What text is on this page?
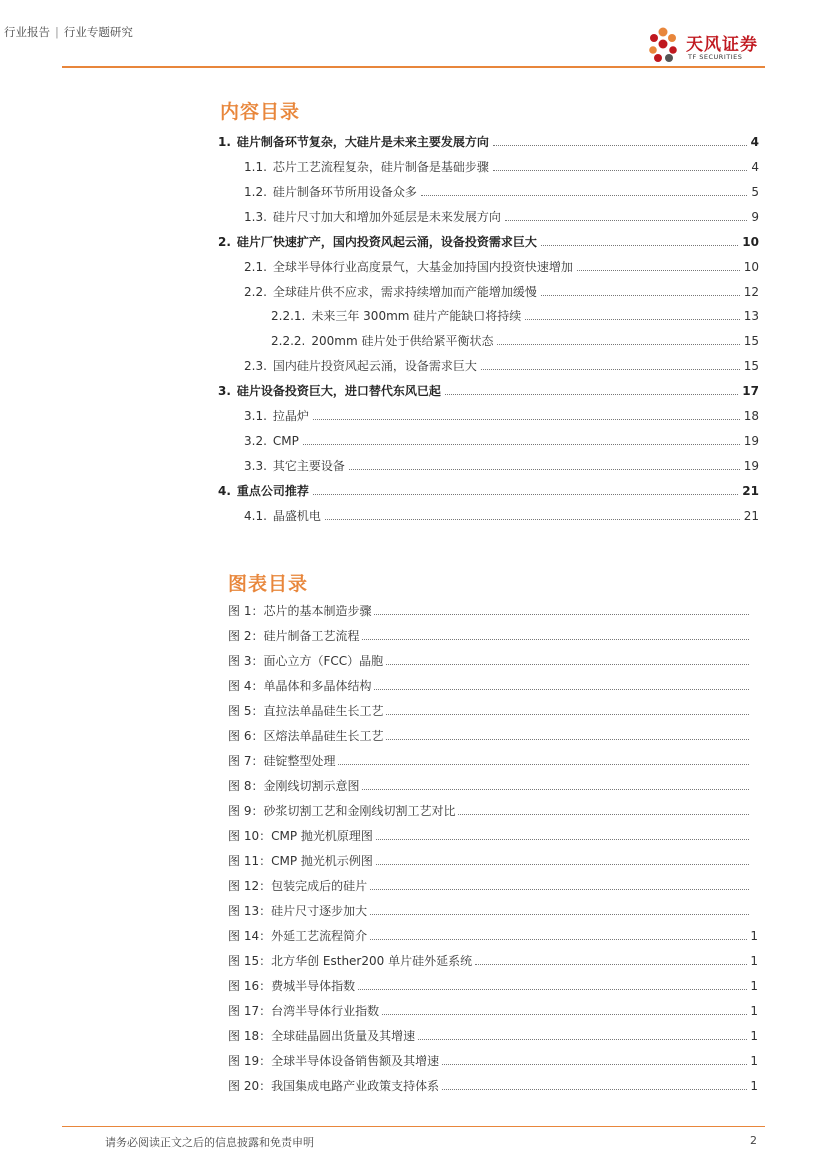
行业报告 | 行业专题研究
天风证券
TF SECURITIES
内容目录
1. 硅片制备环节复杂，大硅片是未来主要发展方向	4
1.1. 芯片工艺流程复杂，硅片制备是基础步骤	4
1.2. 硅片制备环节所用设备众多	5
1.3. 硅片尺寸加大和增加外延层是未来发展方向	9
2. 硅片厂快速扩产，国内投资风起云涌，设备投资需求巨大	10
2.1. 全球半导体行业高度景气，大基金加持国内投资快速增加	10
2.2. 全球硅片供不应求，需求持续增加而产能增加缓慢	12
2.2.1. 未来三年 300mm 硅片产能缺口将持续	13
2.2.2. 200mm 硅片处于供给紧平衡状态	15
2.3. 国内硅片投资风起云涌，设备需求巨大	15
3. 硅片设备投资巨大，进口替代东风已起	17
3.1. 拉晶炉	18
3.2. CMP	19
3.3. 其它主要设备	19
4. 重点公司推荐	21
4.1. 晶盛机电	21
图表目录
图 1： 芯片的基本制造步骤
图 2： 硅片制备工艺流程
图 3： 面心立方（FCC）晶胞
图 4： 单晶体和多晶体结构
图 5： 直拉法单晶硅生长工艺
图 6： 区熔法单晶硅生长工艺
图 7： 硅锭整型处理
图 8： 金刚线切割示意图
图 9： 砂浆切割工艺和金刚线切割工艺对比
图 10： CMP 抛光机原理图
图 11： CMP 抛光机示例图
图 12： 包装完成后的硅片
图 13： 硅片尺寸逐步加大
图 14： 外延工艺流程简介	1
图 15： 北方华创 Esther200 单片硅外延系统	1
图 16： 费城半导体指数	1
图 17： 台湾半导体行业指数	1
图 18： 全球硅晶圆出货量及其增速	1
图 19： 全球半导体设备销售额及其增速	1
图 20： 我国集成电路产业政策支持体系	1
请务必阅读正文之后的信息披露和免责申明	2
